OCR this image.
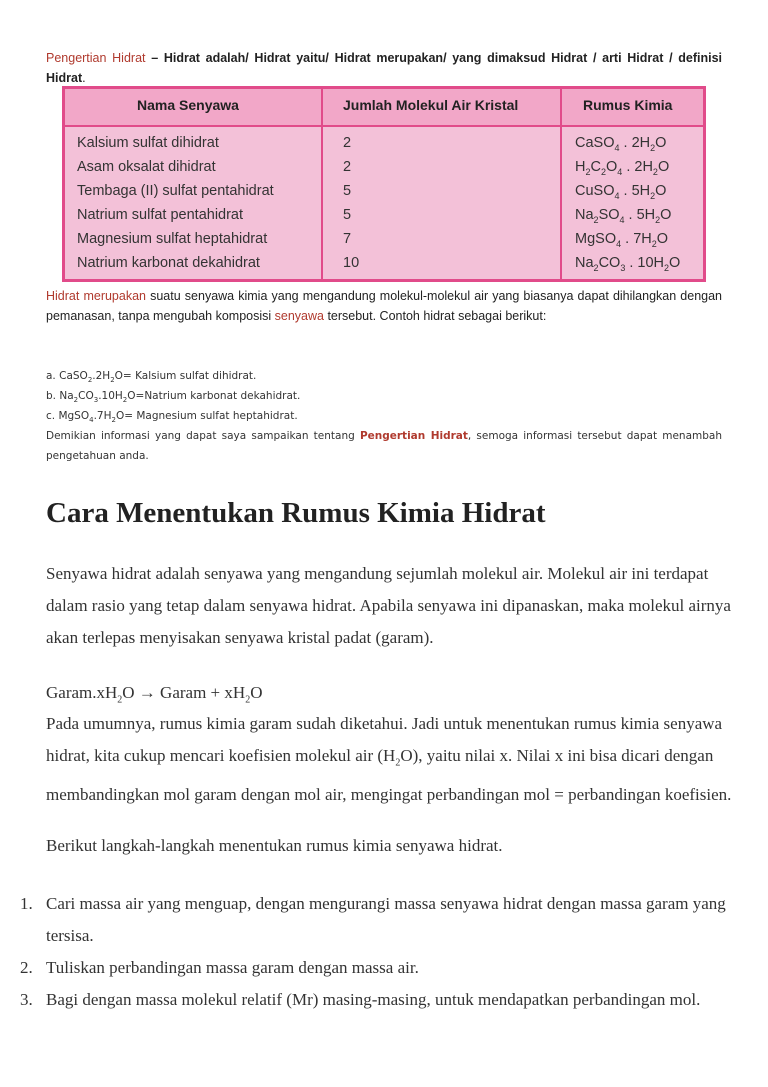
Pengertian Hidrat – Hidrat adalah/ Hidrat yaitu/ Hidrat merupakan/ yang dimaksud Hidrat / arti Hidrat / definisi Hidrat.
Nama Senyawa	Jumlah Molekul Air Kristal	Rumus Kimia
Kalsium sulfat dihidrat	2	CaSO$_4$ . $2H_2O$
Asam oksalat dihidrat	2	$H_2C_2O_4$ . $2H_2O$
Tembaga (II) sulfat pentahidrat	5	CuSO$_4$ . $5H_2O$
Natrium sulfat pentahidrat	5	$Na_2SO_4$ . $5H_2O$
Magnesium sulfat heptahidrat	7	MgSO$_4$ . $7H_2O$
Natrium karbonat dekahidrat	10	$Na_2CO_3$ . $10H_2O$
Hidrat merupakan suatu senyawa kimia yang mengandung molekul-molekul air yang biasanya dapat dihilangkan dengan pemanasan, tanpa mengubah komposisi senyawa tersebut. Contoh hidrat sebagai berikut:
a. $CaSO_2.2H_2O=$ Kalsium sulfat dihidrat.
b. $Na_2CO_3.10H_2O=Natrium$ karbonat dekahidrat.
c. $MgSO_4.7H_2O=$ Magnesium sulfat heptahidrat.
Demikian informasi yang dapat saya sampaikan tentang Pengertian Hidrat, semoga informasi tersebut dapat menambah pengetahuan anda.
Cara Menentukan Rumus Kimia Hidrat
Senyawa hidrat adalah senyawa yang mengandung sejumlah molekul air. Molekul air ini terdapat dalam rasio yang tetap dalam senyawa hidrat. Apabila senyawa ini dipanaskan, maka molekul airnya akan terlepas menyisakan senyawa kristal padat (garam).
$Garam.xH_2O$ → Garam + $xH_2O$
Pada umumnya, rumus kimia garam sudah diketahui. Jadi untuk menentukan rumus kimia senyawa hidrat, kita cukup mencari koefisien molekul air $(H_2O)$, yaitu nilai x. Nilai x ini bisa dicari dengan membandingkan mol garam dengan mol air, mengingat perbandingan mol = perbandingan koefisien.
Berikut langkah-langkah menentukan rumus kimia senyawa hidrat.
1. Cari massa air yang menguap, dengan mengurangi massa senyawa hidrat dengan massa garam yang tersisa.
2. Tuliskan perbandingan massa garam dengan massa air.
3. Bagi dengan massa molekul relatif (Mr) masing-masing, untuk mendapatkan perbandingan mol.
